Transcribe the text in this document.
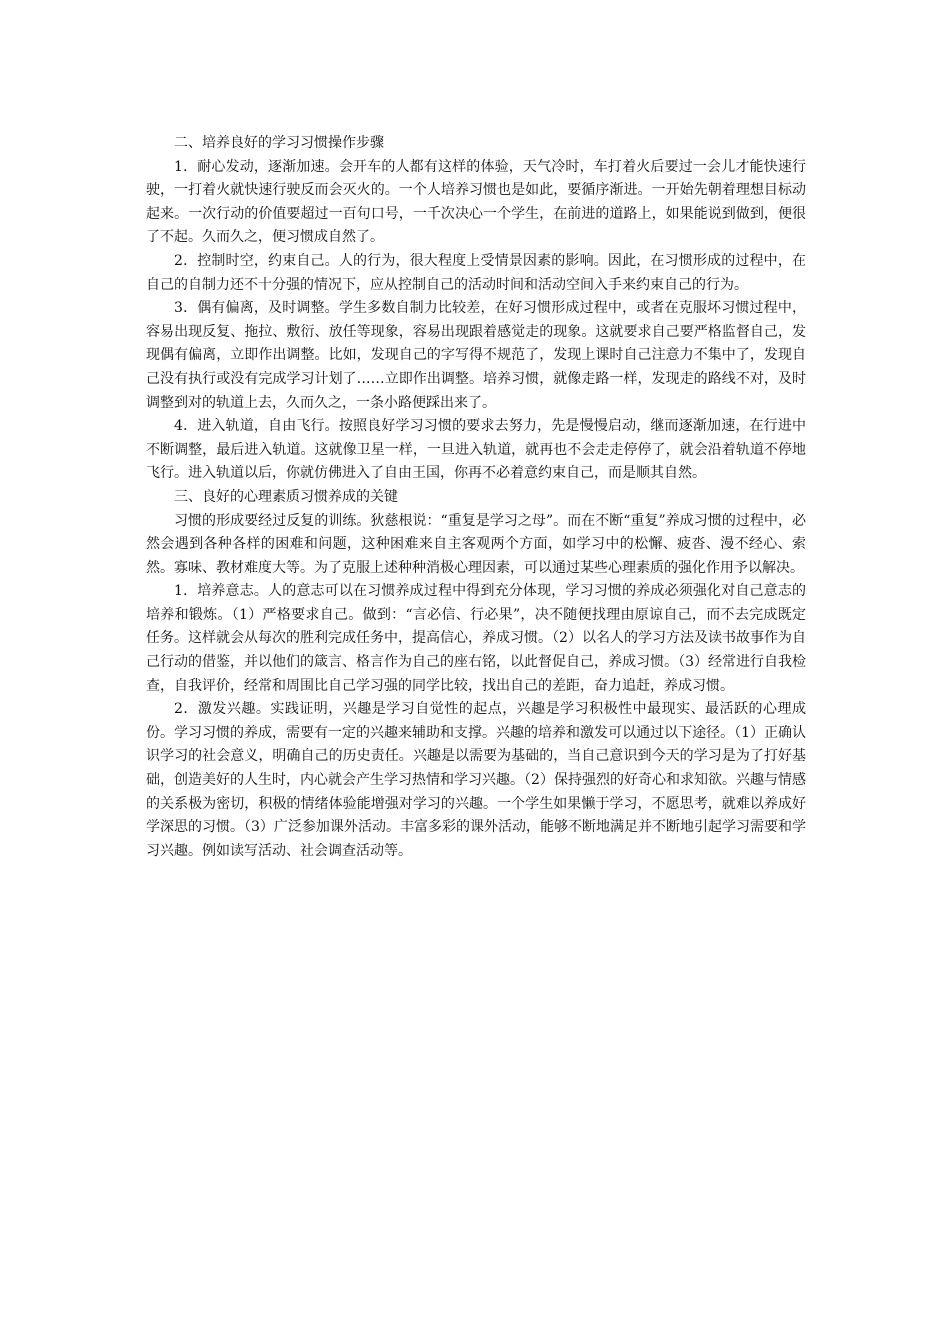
二、培养良好的学习习惯操作步骤

1．耐心发动，逐渐加速。会开车的人都有这样的体验，天气冷时，车打着火后要过一会儿才能快速行驶，一打着火就快速行驶反而会灭火的。一个人培养习惯也是如此，要循序渐进。一开始先朝着理想目标动起来。一次行动的价值要超过一百句口号，一千次决心一个学生，在前进的道路上，如果能说到做到，便很了不起。久而久之，便习惯成自然了。

2．控制时空，约束自己。人的行为，很大程度上受情景因素的影响。因此，在习惯形成的过程中，在自己的自制力还不十分强的情况下，应从控制自己的活动时间和活动空间入手来约束自己的行为。

3．偶有偏离，及时调整。学生多数自制力比较差，在好习惯形成过程中，或者在克服坏习惯过程中，容易出现反复、拖拉、敷衍、放任等现象，容易出现跟着感觉走的现象。这就要求自己要严格监督自己，发现偶有偏离，立即作出调整。比如，发现自己的字写得不规范了，发现上课时自己注意力不集中了，发现自己没有执行或没有完成学习计划了……立即作出调整。培养习惯，就像走路一样，发现走的路线不对，及时调整到对的轨道上去，久而久之，一条小路便踩出来了。

4．进入轨道，自由飞行。按照良好学习习惯的要求去努力，先是慢慢启动，继而逐渐加速，在行进中不断调整，最后进入轨道。这就像卫星一样，一旦进入轨道，就再也不会走走停停了，就会沿着轨道不停地飞行。进入轨道以后，你就仿佛进入了自由王国，你再不必着意约束自己，而是顺其自然。

三、良好的心理素质习惯养成的关键

习惯的形成要经过反复的训练。狄慈根说：“重复是学习之母”。而在不断“重复”养成习惯的过程中，必然会遇到各种各样的困难和问题，这种困难来自主客观两个方面，如学习中的松懈、疲沓、漫不经心、索然。寡味、教材难度大等。为了克服上述种种消极心理因素，可以通过某些心理素质的强化作用予以解决。

1．培养意志。人的意志可以在习惯养成过程中得到充分体现，学习习惯的养成必须强化对自己意志的培养和锻炼。（1）严格要求自己。做到：“言必信、行必果”，决不随便找理由原谅自己，而不去完成既定任务。这样就会从每次的胜利完成任务中，提高信心，养成习惯。（2）以名人的学习方法及读书故事作为自己行动的借鉴，并以他们的箴言、格言作为自己的座右铭，以此督促自己，养成习惯。（3）经常进行自我检查，自我评价，经常和周围比自己学习强的同学比较，找出自己的差距，奋力追赶，养成习惯。

2．激发兴趣。实践证明，兴趣是学习自觉性的起点，兴趣是学习积极性中最现实、最活跃的心理成份。学习习惯的养成，需要有一定的兴趣来辅助和支撑。兴趣的培养和激发可以通过以下途径。（1）正确认识学习的社会意义，明确自己的历史责任。兴趣是以需要为基础的，当自己意识到今天的学习是为了打好基础，创造美好的人生时，内心就会产生学习热情和学习兴趣。（2）保持强烈的好奇心和求知欲。兴趣与情感的关系极为密切，积极的情绪体验能增强对学习的兴趣。一个学生如果懒于学习，不愿思考，就难以养成好学深思的习惯。（3）广泛参加课外活动。丰富多彩的课外活动，能够不断地满足并不断地引起学习需要和学习兴趣。例如读写活动、社会调查活动等。
